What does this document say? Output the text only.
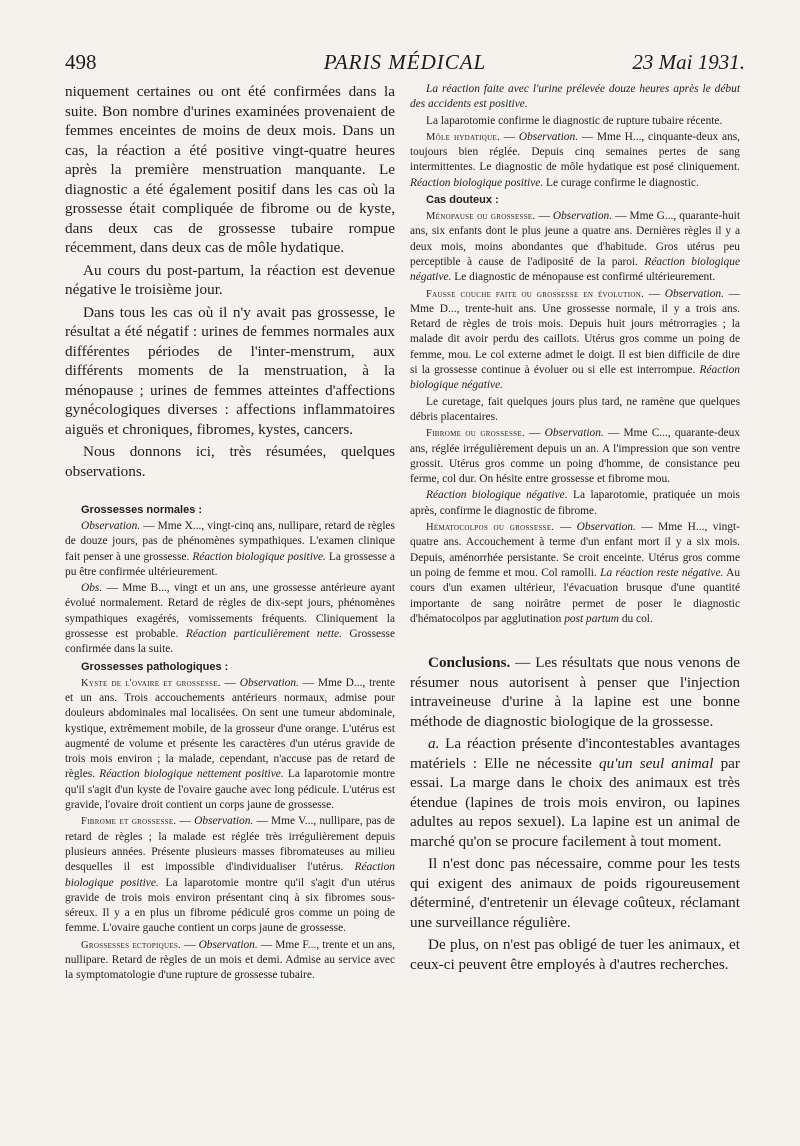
498	PARIS MÉDICAL	23 Mai 1931.

niquement certaines ou ont été confirmées dans la suite. Bon nombre d'urines examinées provenaient de femmes enceintes de moins de deux mois. Dans un cas, la réaction a été positive vingt-quatre heures après la première menstruation manquante. Le diagnostic a été également positif dans les cas où la grossesse était compliquée de fibrome ou de kyste, dans deux cas de grossesse tubaire rompue récemment, dans deux cas de môle hydatique.

Au cours du post-partum, la réaction est devenue négative le troisième jour.

Dans tous les cas où il n'y avait pas grossesse, le résultat a été négatif : urines de femmes normales aux différentes périodes de l'inter-menstrum, aux différents moments de la menstruation, à la ménopause ; urines de femmes atteintes d'affections gynécologiques diverses : affections inflammatoires aiguës et chroniques, fibromes, kystes, cancers.

Nous donnons ici, très résumées, quelques observations.

Grossesses normales :

Observation. — Mme X..., vingt-cinq ans, nullipare, retard de règles de douze jours, pas de phénomènes sympathiques. L'examen clinique fait penser à une grossesse. Réaction biologique positive. La grossesse a pu être confirmée ultérieurement.

Obs. — Mme B..., vingt et un ans, une grossesse antérieure ayant évolué normalement. Retard de règles de dix-sept jours, phénomènes sympathiques exagérés, vomissements fréquents. Cliniquement la grossesse est probable. Réaction particulièrement nette. Grossesse confirmée dans la suite.

Grossesses pathologiques :

Kyste de l'ovaire et grossesse. — Observation. — Mme D..., trente et un ans. Trois accouchements antérieurs normaux, admise pour douleurs abdominales mal localisées. On sent une tumeur abdominale, kystique, extrêmement mobile, de la grosseur d'une orange. L'utérus est augmenté de volume et présente les caractères d'un utérus gravide de trois mois environ ; la malade, cependant, n'accuse pas de retard de règles. Réaction biologique nettement positive. La laparotomie montre qu'il s'agit d'un kyste de l'ovaire gauche avec long pédicule. L'utérus est gravide, l'ovaire droit contient un corps jaune de grossesse.

Fibrome et grossesse. — Observation. — Mme V..., nullipare, pas de retard de règles ; la malade est réglée très irrégulièrement depuis plusieurs années. Présente plusieurs masses fibromateuses au milieu desquelles il est impossible d'individualiser l'utérus. Réaction biologique positive. La laparotomie montre qu'il s'agit d'un utérus gravide de trois mois environ présentant cinq à six fibromes sous-séreux. Il y a en plus un fibrome pédiculé gros comme un poing de femme. L'ovaire gauche contient un corps jaune de grossesse.

Grossesses ectopiques. — Observation. — Mme F..., trente et un ans, nullipare. Retard de règles de un mois et demi. Admise au service avec la symptomatologie d'une rupture de grossesse tubaire.

La réaction faite avec l'urine prélevée douze heures après le début des accidents est positive.

La laparotomie confirme le diagnostic de rupture tubaire récente.

Môle hydatique. — Observation. — Mme H..., cinquante-deux ans, toujours bien réglée. Depuis cinq semaines pertes de sang intermittentes. Le diagnostic de môle hydatique est posé cliniquement. Réaction biologique positive. Le curage confirme le diagnostic.

Cas douteux :

Ménopause ou grossesse. — Observation. — Mme G..., quarante-huit ans, six enfants dont le plus jeune a quatre ans. Dernières règles il y a deux mois, moins abondantes que d'habitude. Gros utérus peu perceptible à cause de l'adiposité de la paroi. Réaction biologique négative. Le diagnostic de ménopause est confirmé ultérieurement.

Fausse couche faite ou grossesse en évolution. — Observation. — Mme D..., trente-huit ans. Une grossesse normale, il y a trois ans. Retard de règles de trois mois. Depuis huit jours métrorragies ; la malade dit avoir perdu des caillots. Utérus gros comme un poing de femme, mou. Le col externe admet le doigt. Il est bien difficile de dire si la grossesse continue à évoluer ou si elle est interrompue. Réaction biologique négative.

Le curetage, fait quelques jours plus tard, ne ramène que quelques débris placentaires.

Fibrome ou grossesse. — Observation. — Mme C..., quarante-deux ans, réglée irrégulièrement depuis un an. A l'impression que son ventre grossit. Utérus gros comme un poing d'homme, de consistance peu ferme, col dur. On hésite entre grossesse et fibrome mou.

Réaction biologique négative. La laparotomie, pratiquée un mois après, confirme le diagnostic de fibrome.

Hématocolpos ou grossesse. — Observation. — Mme H..., vingt-quatre ans. Accouchement à terme d'un enfant mort il y a six mois. Depuis, aménorrhée persistante. Se croit enceinte. Utérus gros comme un poing de femme et mou. Col ramolli. La réaction reste négative. Au cours d'un examen ultérieur, l'évacuation brusque d'une quantité importante de sang noirâtre permet de poser le diagnostic d'hématocolpos par agglutination post partum du col.

Conclusions. — Les résultats que nous venons de résumer nous autorisent à penser que l'injection intraveineuse d'urine à la lapine est une bonne méthode de diagnostic biologique de la grossesse.

a. La réaction présente d'incontestables avantages matériels : Elle ne nécessite qu'un seul animal par essai. La marge dans le choix des animaux est très étendue (lapines de trois mois environ, ou lapines adultes au repos sexuel). La lapine est un animal de marché qu'on se procure facilement à tout moment.

Il n'est donc pas nécessaire, comme pour les tests qui exigent des animaux de poids rigoureusement déterminé, d'entretenir un élevage coûteux, réclamant une surveillance régulière.

De plus, on n'est pas obligé de tuer les animaux, et ceux-ci peuvent être employés à d'autres recherches.
